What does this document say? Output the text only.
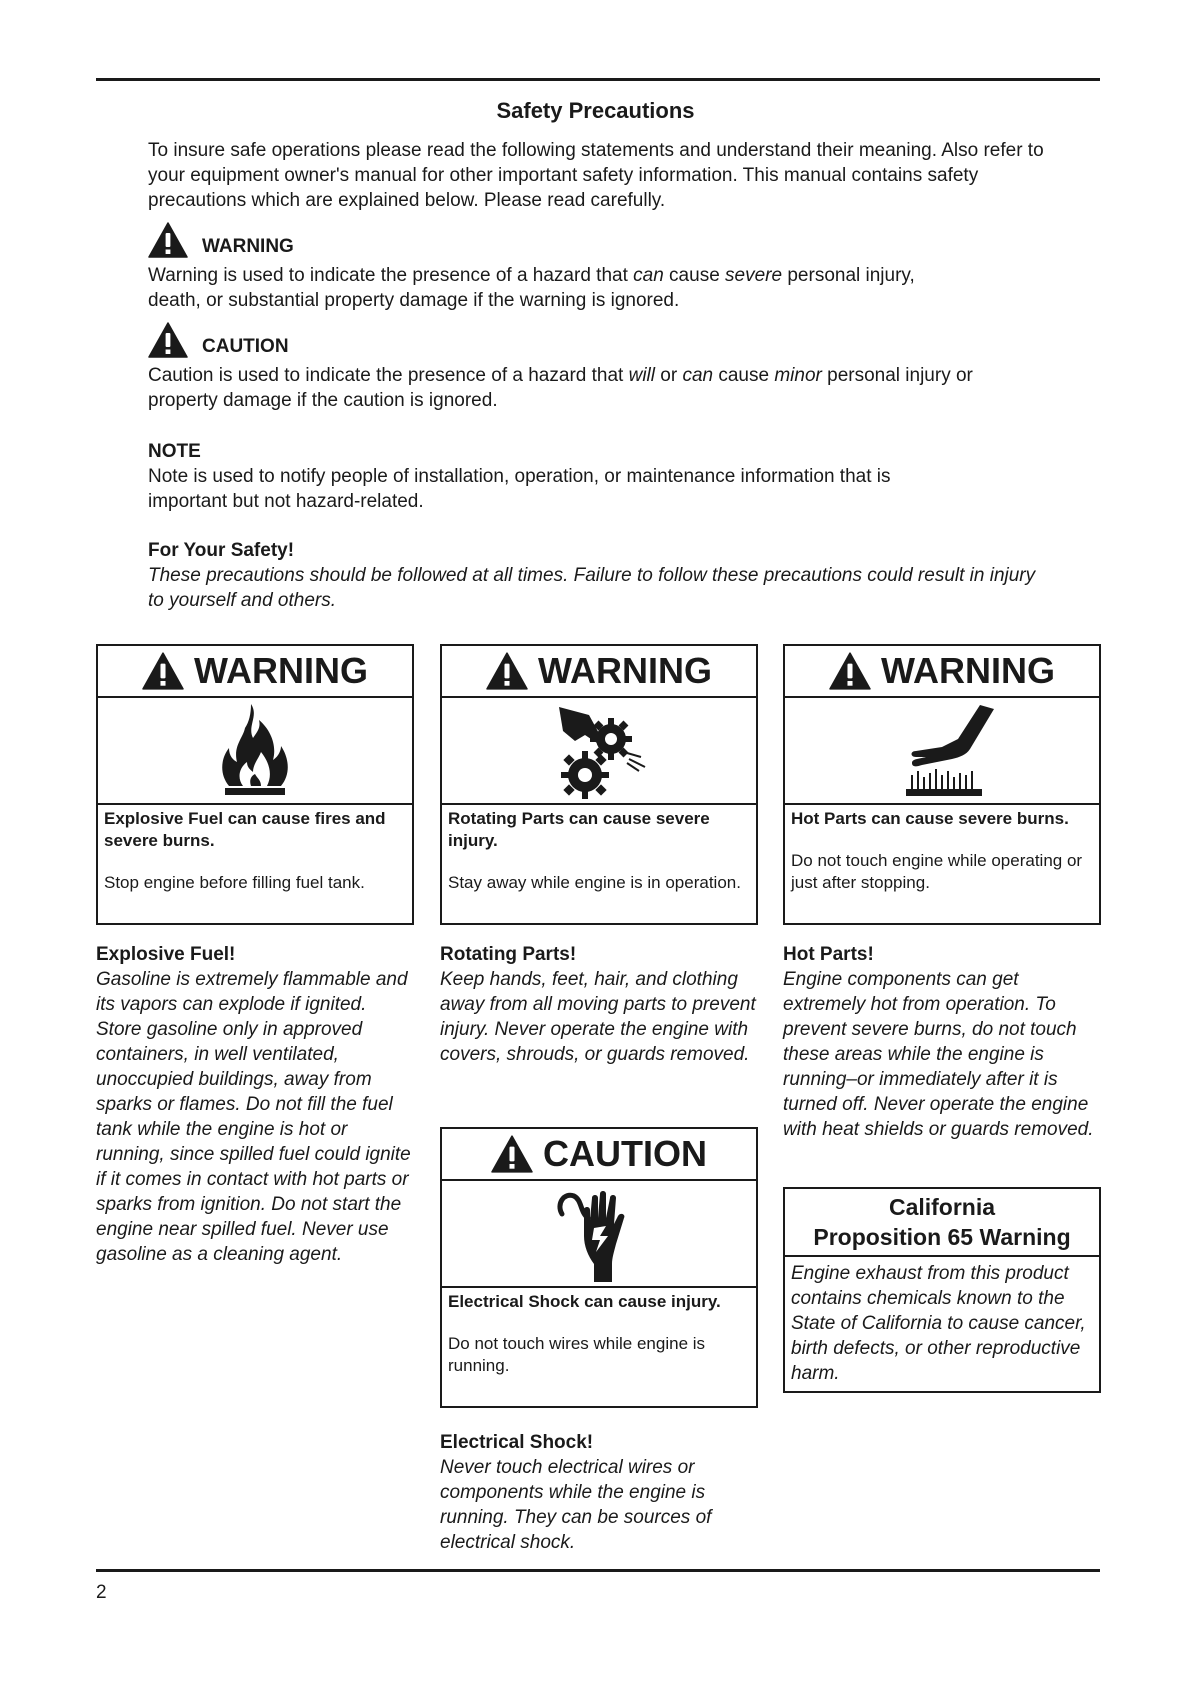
Safety Precautions
To insure safe operations please read the following statements and understand their meaning. Also refer to your equipment owner's manual for other important safety information. This manual contains safety precautions which are explained below. Please read carefully.
WARNING
Warning is used to indicate the presence of a hazard that can cause severe personal injury, death, or substantial property damage if the warning is ignored.
CAUTION
Caution is used to indicate the presence of a hazard that will or can cause minor personal injury or property damage if the caution is ignored.
NOTE
Note is used to notify people of installation, operation, or maintenance information that is important but not hazard-related.
For Your Safety!
These precautions should be followed at all times. Failure to follow these precautions could result in injury to yourself and others.
WARNING
Explosive Fuel can cause fires and severe burns.
Stop engine before filling fuel tank.
WARNING
Rotating Parts can cause severe injury.
Stay away while engine is in operation.
WARNING
Hot Parts can cause severe burns.
Do not touch engine while operating or just after stopping.
Explosive Fuel!
Gasoline is extremely flammable and its vapors can explode if ignited. Store gasoline only in approved containers, in well ventilated, unoccupied buildings, away from sparks or flames. Do not fill the fuel tank while the engine is hot or running, since spilled fuel could ignite if it comes in contact with hot parts or sparks from ignition. Do not start the engine near spilled fuel. Never use gasoline as a cleaning agent.
Rotating Parts!
Keep hands, feet, hair, and clothing away from all moving parts to prevent injury. Never operate the engine with covers, shrouds, or guards removed.
Hot Parts!
Engine components can get extremely hot from operation. To prevent severe burns, do not touch these areas while the engine is running–or immediately after it is turned off. Never operate the engine with heat shields or guards removed.
CAUTION
Electrical Shock can cause injury.
Do not touch wires while engine is running.
Electrical Shock!
Never touch electrical wires or components while the engine is running. They can be sources of electrical shock.
California
Proposition 65 Warning
Engine exhaust from this product contains chemicals known to the State of California to cause cancer, birth defects, or other reproductive harm.
2
